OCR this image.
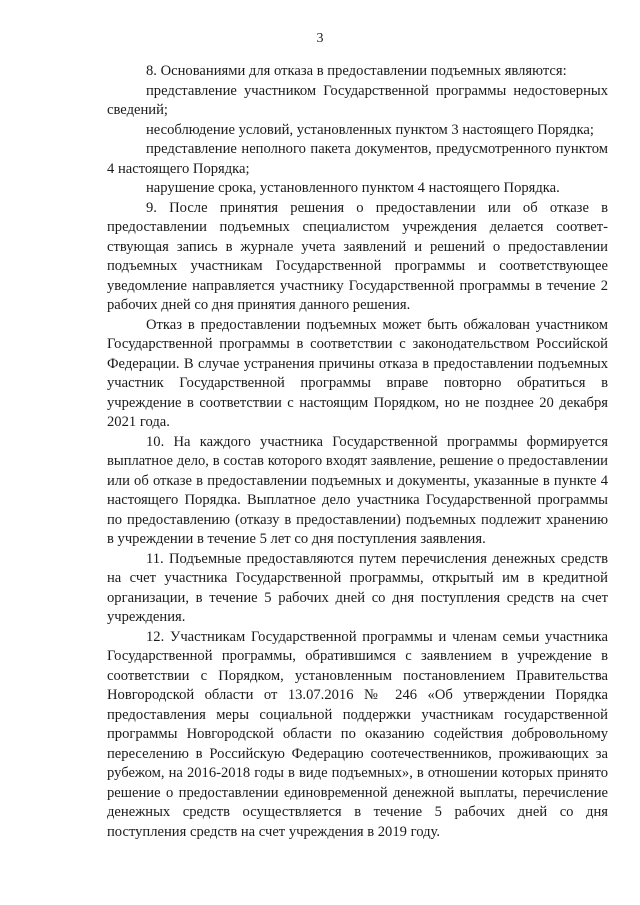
3

8. Основаниями для отказа в предоставлении подъемных являются:

представление участником Государственной программы недостоверных сведений;

несоблюдение условий, установленных пунктом 3 настоящего Порядка;

представление неполного пакета документов, предусмотренного пунктом 4 настоящего Порядка;

нарушение срока, установленного пунктом 4 настоящего Порядка.

9. После принятия решения о предоставлении или об отказе в предоставлении подъемных специалистом учреждения делается соответствующая запись в журнале учета заявлений и решений о предоставлении подъемных участникам Государственной программы и соответствующее уведомление направляется участнику Государственной программы в течение 2 рабочих дней со дня принятия данного решения.

Отказ в предоставлении подъемных может быть обжалован участником Государственной программы в соответствии с законодательством Российской Федерации. В случае устранения причины отказа в предоставлении подъемных участник Государственной программы вправе повторно обратиться в учреждение в соответствии с настоящим Порядком, но не позднее 20 декабря 2021 года.

10. На каждого участника Государственной программы формируется выплатное дело, в состав которого входят заявление, решение о предоставлении или об отказе в предоставлении подъемных и документы, указанные в пункте 4 настоящего Порядка. Выплатное дело участника Государственной программы по предоставлению (отказу в предоставлении) подъемных подлежит хранению в учреждении в течение 5 лет со дня поступления заявления.

11. Подъемные предоставляются путем перечисления денежных средств на счет участника Государственной программы, открытый им в кредитной организации, в течение 5 рабочих дней со дня поступления средств на счет учреждения.

12. Участникам Государственной программы и членам семьи участника Государственной программы, обратившимся с заявлением в учреждение в соответствии с Порядком, установленным постановлением Правительства Новгородской области от 13.07.2016 № 246 «Об утверждении Порядка предоставления меры социальной поддержки участникам государственной программы Новгородской области по оказанию содействия добровольному переселению в Российскую Федерацию соотечественников, проживающих за рубежом, на 2016-2018 годы в виде подъемных», в отношении которых принято решение о предоставлении единовременной денежной выплаты, перечисление денежных средств осуществляется в течение 5 рабочих дней со дня поступления средств на счет учреждения в 2019 году.
